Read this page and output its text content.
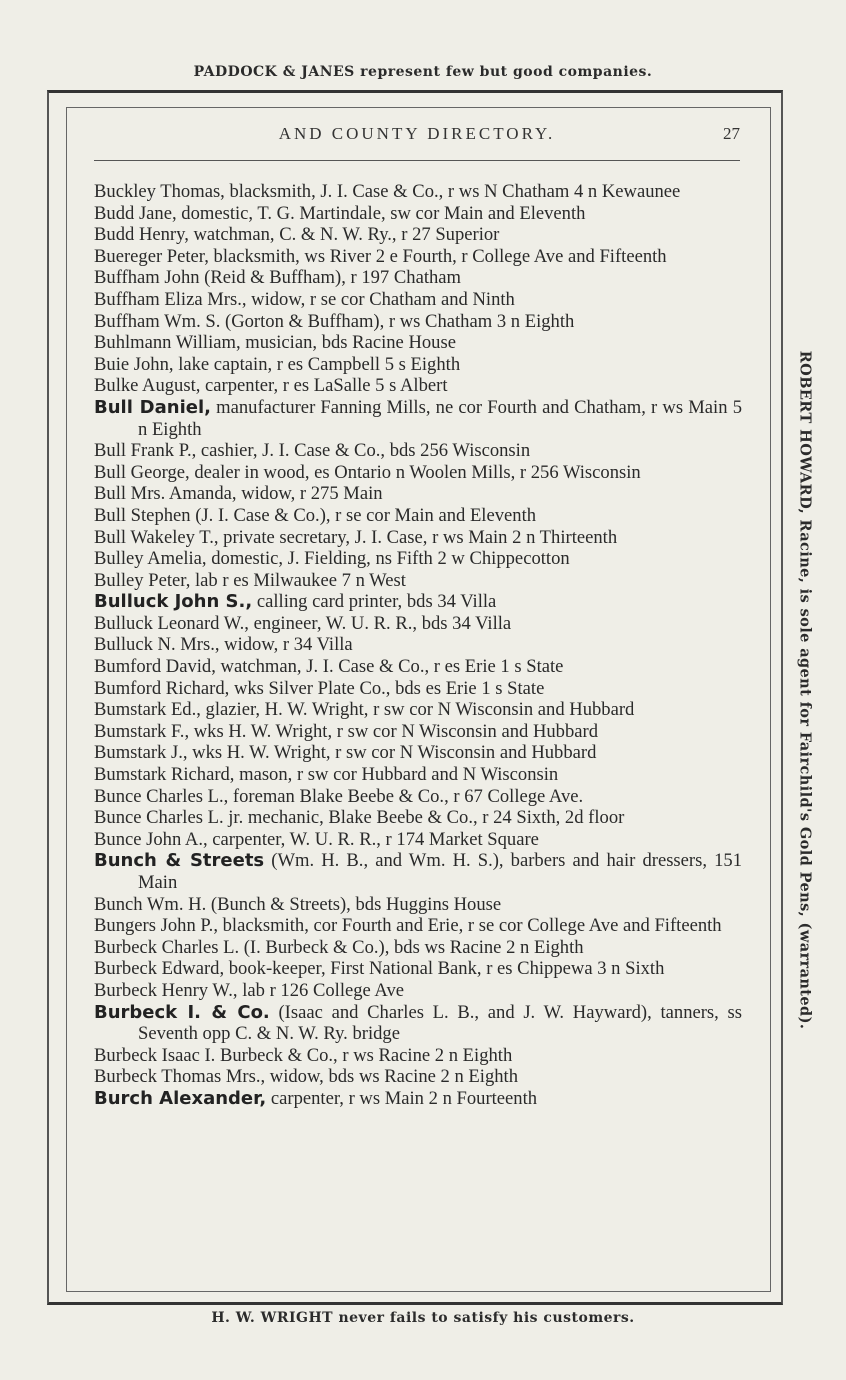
PADDOCK & JANES represent few but good companies.
AND COUNTY DIRECTORY.	27
Buckley Thomas, blacksmith, J. I. Case & Co., r ws N Chatham 4 n Kewaunee
Budd Jane, domestic, T. G. Martindale, sw cor Main and Eleventh
Budd Henry, watchman, C. & N. W. Ry., r 27 Superior
Buereger Peter, blacksmith, ws River 2 e Fourth, r College Ave and Fifteenth
Buffham John (Reid & Buffham), r 197 Chatham
Buffham Eliza Mrs., widow, r se cor Chatham and Ninth
Buffham Wm. S. (Gorton & Buffham), r ws Chatham 3 n Eighth
Buhlmann William, musician, bds Racine House
Buie John, lake captain, r es Campbell 5 s Eighth
Bulke August, carpenter, r es LaSalle 5 s Albert
Bull Daniel, manufacturer Fanning Mills, ne cor Fourth and Chatham, r ws Main 5 n Eighth
Bull Frank P., cashier, J. I. Case & Co., bds 256 Wisconsin
Bull George, dealer in wood, es Ontario n Woolen Mills, r 256 Wisconsin
Bull Mrs. Amanda, widow, r 275 Main
Bull Stephen (J. I. Case & Co.), r se cor Main and Eleventh
Bull Wakeley T., private secretary, J. I. Case, r ws Main 2 n Thirteenth
Bulley Amelia, domestic, J. Fielding, ns Fifth 2 w Chippecotton
Bulley Peter, lab r es Milwaukee 7 n West
Bulluck John S., calling card printer, bds 34 Villa
Bulluck Leonard W., engineer, W. U. R. R., bds 34 Villa
Bulluck N. Mrs., widow, r 34 Villa
Bumford David, watchman, J. I. Case & Co., r es Erie 1 s State
Bumford Richard, wks Silver Plate Co., bds es Erie 1 s State
Bumstark Ed., glazier, H. W. Wright, r sw cor N Wisconsin and Hubbard
Bumstark F., wks H. W. Wright, r sw cor N Wisconsin and Hubbard
Bumstark J., wks H. W. Wright, r sw cor N Wisconsin and Hubbard
Bumstark Richard, mason, r sw cor Hubbard and N Wisconsin
Bunce Charles L., foreman Blake Beebe & Co., r 67 College Ave.
Bunce Charles L. jr. mechanic, Blake Beebe & Co., r 24 Sixth, 2d floor
Bunce John A., carpenter, W. U. R. R., r 174 Market Square
Bunch & Streets (Wm. H. B., and Wm. H. S.), barbers and hair dressers, 151 Main
Bunch Wm. H. (Bunch & Streets), bds Huggins House
Bungers John P., blacksmith, cor Fourth and Erie, r se cor College Ave and Fifteenth
Burbeck Charles L. (I. Burbeck & Co.), bds ws Racine 2 n Eighth
Burbeck Edward, book-keeper, First National Bank, r es Chippewa 3 n Sixth
Burbeck Henry W., lab r 126 College Ave
Burbeck I. & Co. (Isaac and Charles L. B., and J. W. Hayward), tanners, ss Seventh opp C. & N. W. Ry. bridge
Burbeck Isaac I. Burbeck & Co., r ws Racine 2 n Eighth
Burbeck Thomas Mrs., widow, bds ws Racine 2 n Eighth
Burch Alexander, carpenter, r ws Main 2 n Fourteenth
ROBERT HOWARD, Racine, is sole agent for Fairchild's Gold Pens, (warranted).
H. W. WRIGHT never fails to satisfy his customers.
